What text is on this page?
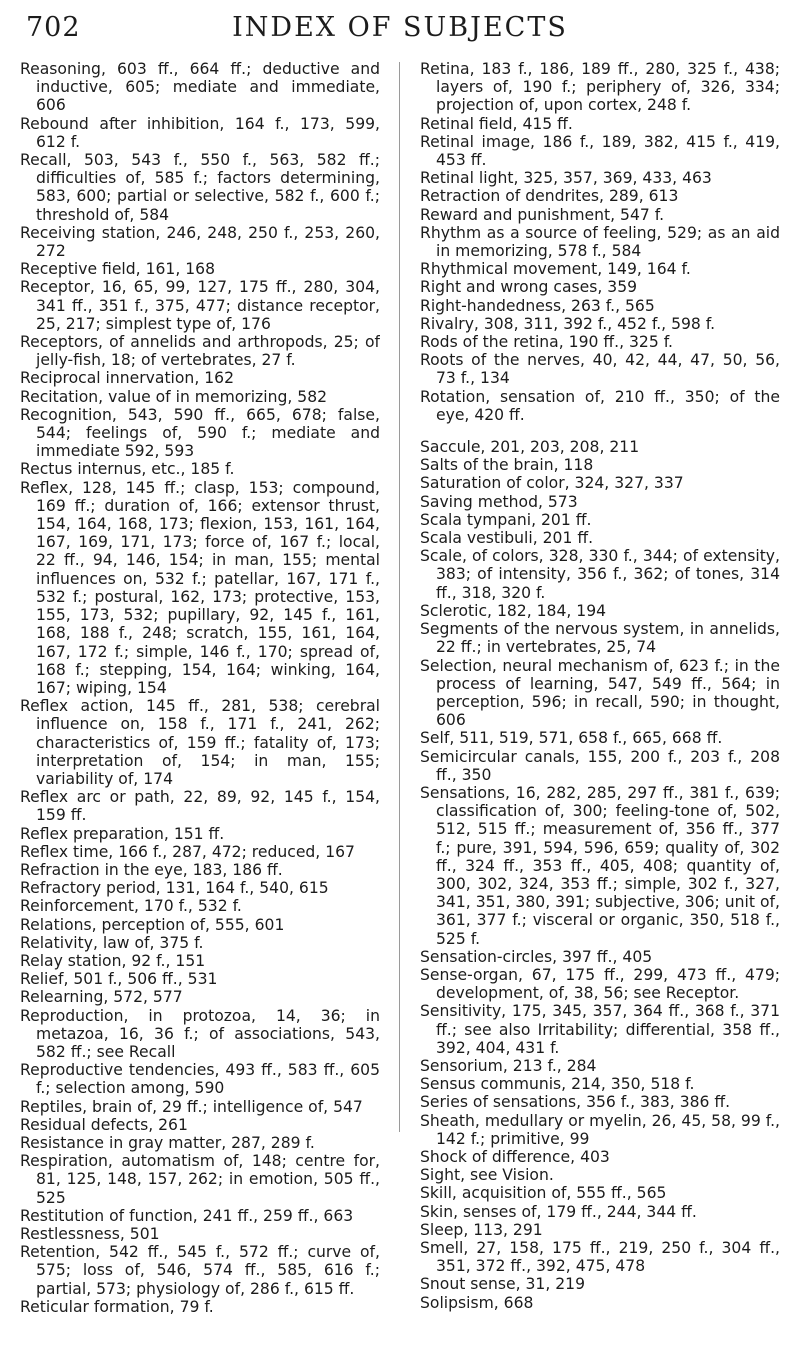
702	INDEX OF SUBJECTS

Reasoning, 603 ff., 664 ff.; deductive and inductive, 605; mediate and immediate, 606

Rebound after inhibition, 164 f., 173, 599, 612 f.

Recall, 503, 543 f., 550 f., 563, 582 ff.; difficulties of, 585 f.; factors determining, 583, 600; partial or selective, 582 f., 600 f.; threshold of, 584

Receiving station, 246, 248, 250 f., 253, 260, 272

Receptive field, 161, 168

Receptor, 16, 65, 99, 127, 175 ff., 280, 304, 341 ff., 351 f., 375, 477; distance receptor, 25, 217; simplest type of, 176

Receptors, of annelids and arthropods, 25; of jelly-fish, 18; of vertebrates, 27 f.

Reciprocal innervation, 162

Recitation, value of in memorizing, 582

Recognition, 543, 590 ff., 665, 678; false, 544; feelings of, 590 f.; mediate and immediate 592, 593

Rectus internus, etc., 185 f.

Reflex, 128, 145 ff.; clasp, 153; compound, 169 ff.; duration of, 166; extensor thrust, 154, 164, 168, 173; flexion, 153, 161, 164, 167, 169, 171, 173; force of, 167 f.; local, 22 ff., 94, 146, 154; in man, 155; mental influences on, 532 f.; patellar, 167, 171 f., 532 f.; postural, 162, 173; protective, 153, 155, 173, 532; pupillary, 92, 145 f., 161, 168, 188 f., 248; scratch, 155, 161, 164, 167, 172 f.; simple, 146 f., 170; spread of, 168 f.; stepping, 154, 164; winking, 164, 167; wiping, 154

Reflex action, 145 ff., 281, 538; cerebral influence on, 158 f., 171 f., 241, 262; characteristics of, 159 ff.; fatality of, 173; interpretation of, 154; in man, 155; variability of, 174

Reflex arc or path, 22, 89, 92, 145 f., 154, 159 ff.

Reflex preparation, 151 ff.

Reflex time, 166 f., 287, 472; reduced, 167

Refraction in the eye, 183, 186 ff.

Refractory period, 131, 164 f., 540, 615

Reinforcement, 170 f., 532 f.

Relations, perception of, 555, 601

Relativity, law of, 375 f.

Relay station, 92 f., 151

Relief, 501 f., 506 ff., 531

Relearning, 572, 577

Reproduction, in protozoa, 14, 36; in metazoa, 16, 36 f.; of associations, 543, 582 ff.; see Recall

Reproductive tendencies, 493 ff., 583 ff., 605 f.; selection among, 590

Reptiles, brain of, 29 ff.; intelligence of, 547

Residual defects, 261

Resistance in gray matter, 287, 289 f.

Respiration, automatism of, 148; centre for, 81, 125, 148, 157, 262; in emotion, 505 ff., 525

Restitution of function, 241 ff., 259 ff., 663

Restlessness, 501

Retention, 542 ff., 545 f., 572 ff.; curve of, 575; loss of, 546, 574 ff., 585, 616 f.; partial, 573; physiology of, 286 f., 615 ff.

Reticular formation, 79 f.

Retina, 183 f., 186, 189 ff., 280, 325 f., 438; layers of, 190 f.; periphery of, 326, 334; projection of, upon cortex, 248 f.

Retinal field, 415 ff.

Retinal image, 186 f., 189, 382, 415 f., 419, 453 ff.

Retinal light, 325, 357, 369, 433, 463

Retraction of dendrites, 289, 613

Reward and punishment, 547 f.

Rhythm as a source of feeling, 529; as an aid in memorizing, 578 f., 584

Rhythmical movement, 149, 164 f.

Right and wrong cases, 359

Right-handedness, 263 f., 565

Rivalry, 308, 311, 392 f., 452 f., 598 f.

Rods of the retina, 190 ff., 325 f.

Roots of the nerves, 40, 42, 44, 47, 50, 56, 73 f., 134

Rotation, sensation of, 210 ff., 350; of the eye, 420 ff.

Saccule, 201, 203, 208, 211

Salts of the brain, 118

Saturation of color, 324, 327, 337

Saving method, 573

Scala tympani, 201 ff.

Scala vestibuli, 201 ff.

Scale, of colors, 328, 330 f., 344; of extensity, 383; of intensity, 356 f., 362; of tones, 314 ff., 318, 320 f.

Sclerotic, 182, 184, 194

Segments of the nervous system, in annelids, 22 ff.; in vertebrates, 25, 74

Selection, neural mechanism of, 623 f.; in the process of learning, 547, 549 ff., 564; in perception, 596; in recall, 590; in thought, 606

Self, 511, 519, 571, 658 f., 665, 668 ff.

Semicircular canals, 155, 200 f., 203 f., 208 ff., 350

Sensations, 16, 282, 285, 297 ff., 381 f., 639; classification of, 300; feeling-tone of, 502, 512, 515 ff.; measurement of, 356 ff., 377 f.; pure, 391, 594, 596, 659; quality of, 302 ff., 324 ff., 353 ff., 405, 408; quantity of, 300, 302, 324, 353 ff.; simple, 302 f., 327, 341, 351, 380, 391; subjective, 306; unit of, 361, 377 f.; visceral or organic, 350, 518 f., 525 f.

Sensation-circles, 397 ff., 405

Sense-organ, 67, 175 ff., 299, 473 ff., 479; development, of, 38, 56; see Receptor.

Sensitivity, 175, 345, 357, 364 ff., 368 f., 371 ff.; see also Irritability; differential, 358 ff., 392, 404, 431 f.

Sensorium, 213 f., 284

Sensus communis, 214, 350, 518 f.

Series of sensations, 356 f., 383, 386 ff.

Sheath, medullary or myelin, 26, 45, 58, 99 f., 142 f.; primitive, 99

Shock of difference, 403

Sight, see Vision.

Skill, acquisition of, 555 ff., 565

Skin, senses of, 179 ff., 244, 344 ff.

Sleep, 113, 291

Smell, 27, 158, 175 ff., 219, 250 f., 304 ff., 351, 372 ff., 392, 475, 478

Snout sense, 31, 219

Solipsism, 668
